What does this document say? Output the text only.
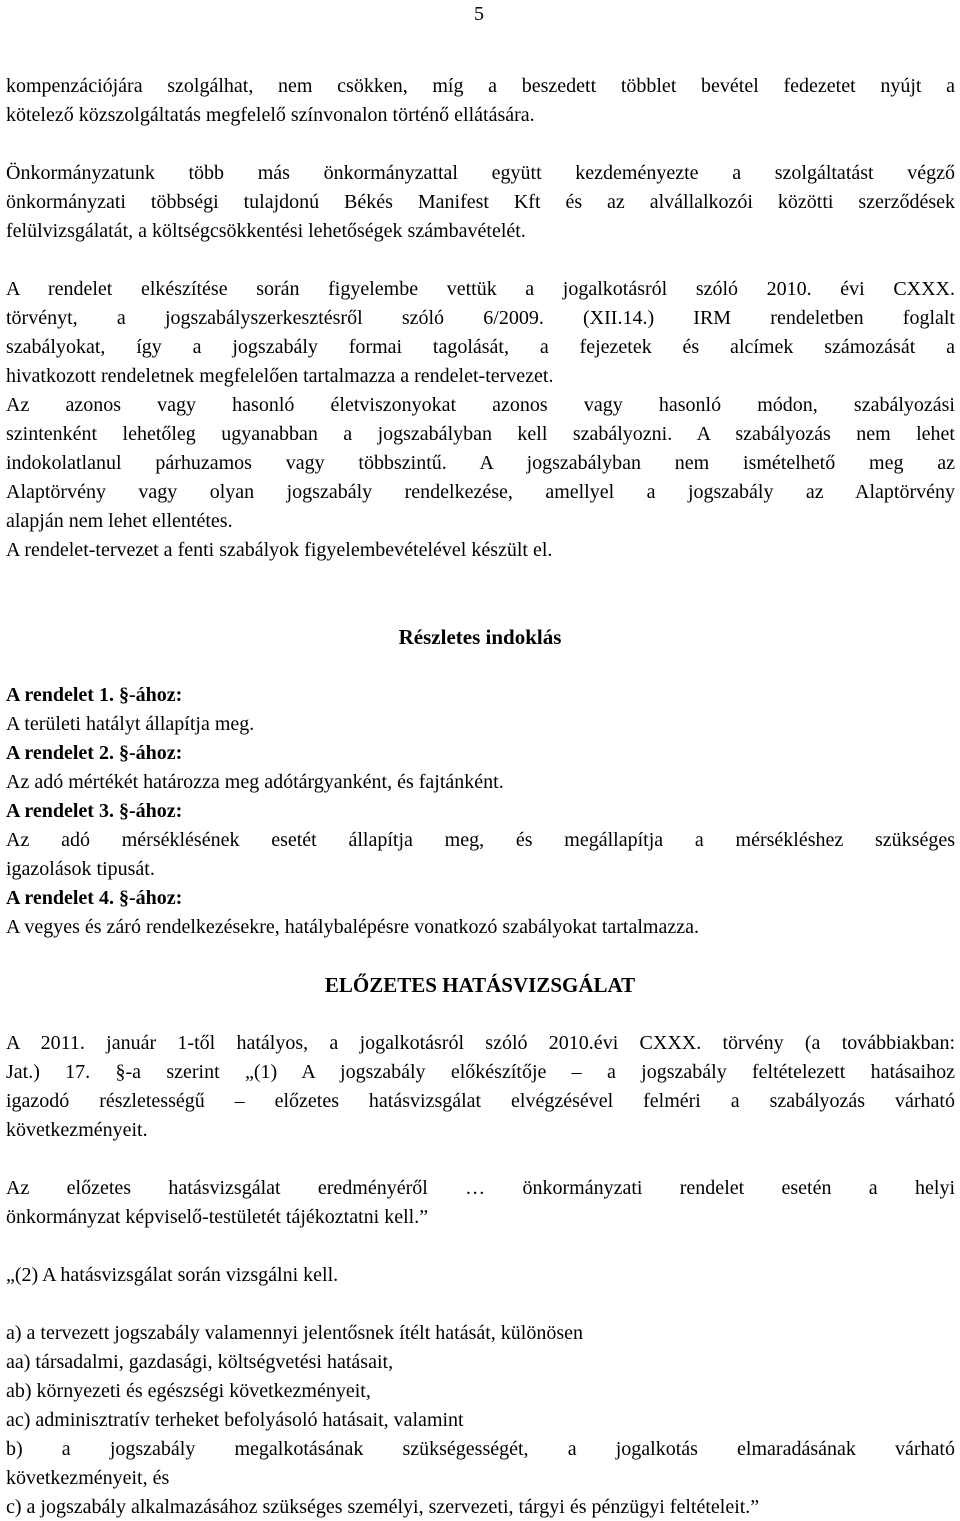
5
kompenzációjára szolgálhat, nem csökken, míg a beszedett többlet bevétel fedezetet nyújt a
kötelező közszolgáltatás megfelelő színvonalon történő ellátására.
Önkormányzatunk több más önkormányzattal együtt kezdeményezte a szolgáltatást végző
önkormányzati többségi tulajdonú Békés Manifest Kft és az alvállalkozói közötti szerződések
felülvizsgálatát, a költségcsökkentési lehetőségek számbavételét.
A rendelet elkészítése során figyelembe vettük a jogalkotásról szóló 2010. évi CXXX.
törvényt, a jogszabályszerkesztésről szóló 6/2009. (XII.14.) IRM rendeletben foglalt
szabályokat, így a jogszabály formai tagolását, a fejezetek és alcímek számozását a
hivatkozott rendeletnek megfelelően tartalmazza a rendelet-tervezet.
Az azonos vagy hasonló életviszonyokat azonos vagy hasonló módon, szabályozási
szintenként lehetőleg ugyanabban a jogszabályban kell szabályozni. A szabályozás nem lehet
indokolatlanul párhuzamos vagy többszintű. A jogszabályban nem ismételhető meg az
Alaptörvény vagy olyan jogszabály rendelkezése, amellyel a jogszabály az Alaptörvény
alapján nem lehet ellentétes.
A rendelet-tervezet a fenti szabályok figyelembevételével készült el.
Részletes indoklás
A rendelet 1. §-ához:
A területi hatályt állapítja meg.
A rendelet 2. §-ához:
Az adó mértékét határozza meg adótárgyanként, és fajtánként.
A rendelet 3. §-ához:
Az adó mérséklésének esetét állapítja meg, és megállapítja a mérsékléshez szükséges
igazolások tipusát.
A rendelet 4. §-ához:
A vegyes és záró rendelkezésekre, hatálybalépésre vonatkozó szabályokat tartalmazza.
ELŐZETES HATÁSVIZSGÁLAT
A 2011. január 1-től hatályos, a jogalkotásról szóló 2010.évi CXXX. törvény (a továbbiakban:
Jat.) 17. §-a szerint „(1) A jogszabály előkészítője – a jogszabály feltételezett hatásaihoz
igazodó részletességű – előzetes hatásvizsgálat elvégzésével felméri a szabályozás várható
következményeit.
Az előzetes hatásvizsgálat eredményéről … önkormányzati rendelet esetén a helyi
önkormányzat képviselő-testületét tájékoztatni kell.”
„(2) A hatásvizsgálat során vizsgálni kell.
a) a tervezett jogszabály valamennyi jelentősnek ítélt hatását, különösen
aa) társadalmi, gazdasági, költségvetési hatásait,
ab) környezeti és egészségi következményeit,
ac) adminisztratív terheket befolyásoló hatásait, valamint
b) a jogszabály megalkotásának szükségességét, a jogalkotás elmaradásának várható
következményeit, és
c) a jogszabály alkalmazásához szükséges személyi, szervezeti, tárgyi és pénzügyi feltételeit.”
